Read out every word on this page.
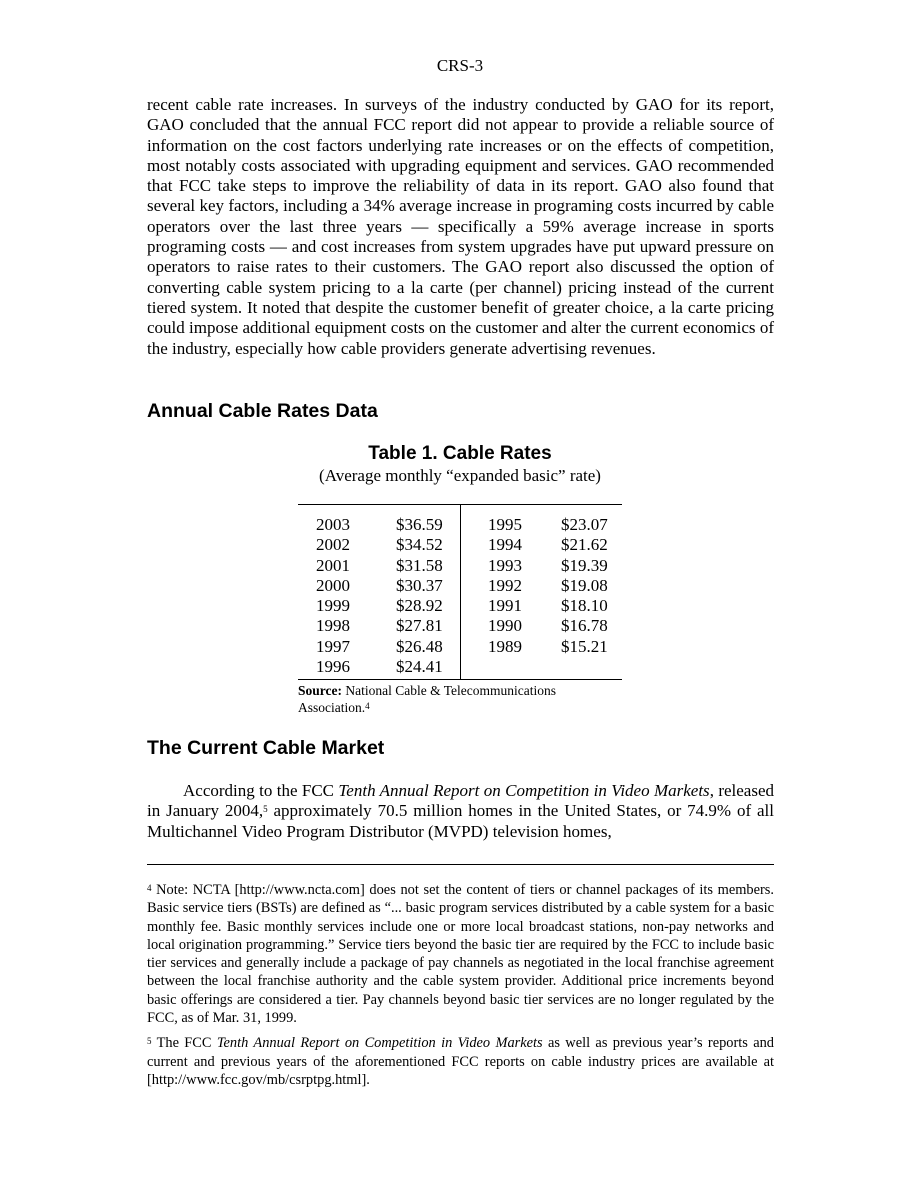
CRS-3

recent cable rate increases. In surveys of the industry conducted by GAO for its report, GAO concluded that the annual FCC report did not appear to provide a reliable source of information on the cost factors underlying rate increases or on the effects of competition, most notably costs associated with upgrading equipment and services. GAO recommended that FCC take steps to improve the reliability of data in its report. GAO also found that several key factors, including a 34% average increase in programing costs incurred by cable operators over the last three years — specifically a 59% average increase in sports programing costs — and cost increases from system upgrades have put upward pressure on operators to raise rates to their customers. The GAO report also discussed the option of converting cable system pricing to a la carte (per channel) pricing instead of the current tiered system. It noted that despite the customer benefit of greater choice, a la carte pricing could impose additional equipment costs on the customer and alter the current economics of the industry, especially how cable providers generate advertising revenues.

Annual Cable Rates Data
Table 1. Cable Rates
(Average monthly “expanded basic” rate)
2003	$36.59	1995	$23.07
2002	$34.52	1994	$21.62
2001	$31.58	1993	$19.39
2000	$30.37	1992	$19.08
1999	$28.92	1991	$18.10
1998	$27.81	1990	$16.78
1997	$26.48	1989	$15.21
1996	$24.41		
Source: National Cable & Telecommunications Association.$^4$
The Current Cable Market

According to the FCC Tenth Annual Report on Competition in Video Markets, released in January 2004,$^5$ approximately 70.5 million homes in the United States, or 74.9% of all Multichannel Video Program Distributor (MVPD) television homes,

$^4$ Note: NCTA [http://www.ncta.com] does not set the content of tiers or channel packages of its members. Basic service tiers (BSTs) are defined as “... basic program services distributed by a cable system for a basic monthly fee. Basic monthly services include one or more local broadcast stations, non-pay networks and local origination programming.” Service tiers beyond the basic tier are required by the FCC to include basic tier services and generally include a package of pay channels as negotiated in the local franchise agreement between the local franchise authority and the cable system provider. Additional price increments beyond basic offerings are considered a tier. Pay channels beyond basic tier services are no longer regulated by the FCC, as of Mar. 31, 1999.

$^5$ The FCC Tenth Annual Report on Competition in Video Markets as well as previous year’s reports and current and previous years of the aforementioned FCC reports on cable industry prices are available at [http://www.fcc.gov/mb/csrptpg.html].
